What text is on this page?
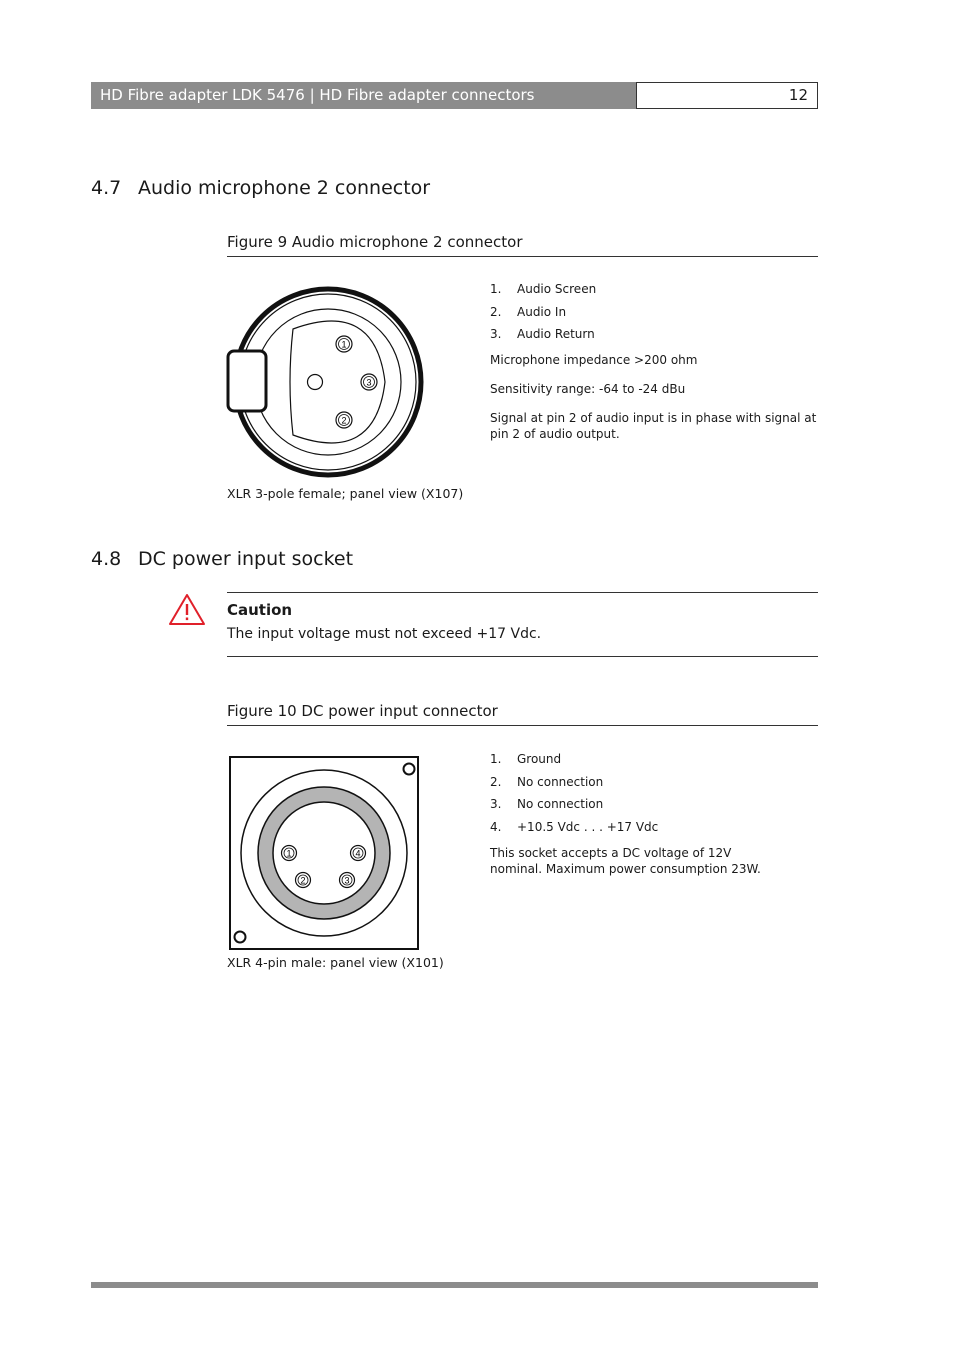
HD Fibre adapter LDK 5476 | HD Fibre adapter connectors	12
4.7 Audio microphone 2 connector
Figure 9 Audio microphone 2 connector
1
3
2
1.	Audio Screen
2.	Audio In
3.	Audio Return
Microphone impedance >200 ohm
Sensitivity range: -64 to -24 dBu
Signal at pin 2 of audio input is in phase with signal at pin 2 of audio output.
XLR 3-pole female; panel view (X107)
4.8 DC power input socket
Caution
The input voltage must not exceed +17 Vdc.
Figure 10 DC power input connector
1	4
2	3
1.	Ground
2.	No connection
3.	No connection
4.	+10.5 Vdc . . . +17 Vdc
This socket accepts a DC voltage of 12V nominal. Maximum power consumption 23W.
XLR 4-pin male: panel view (X101)
